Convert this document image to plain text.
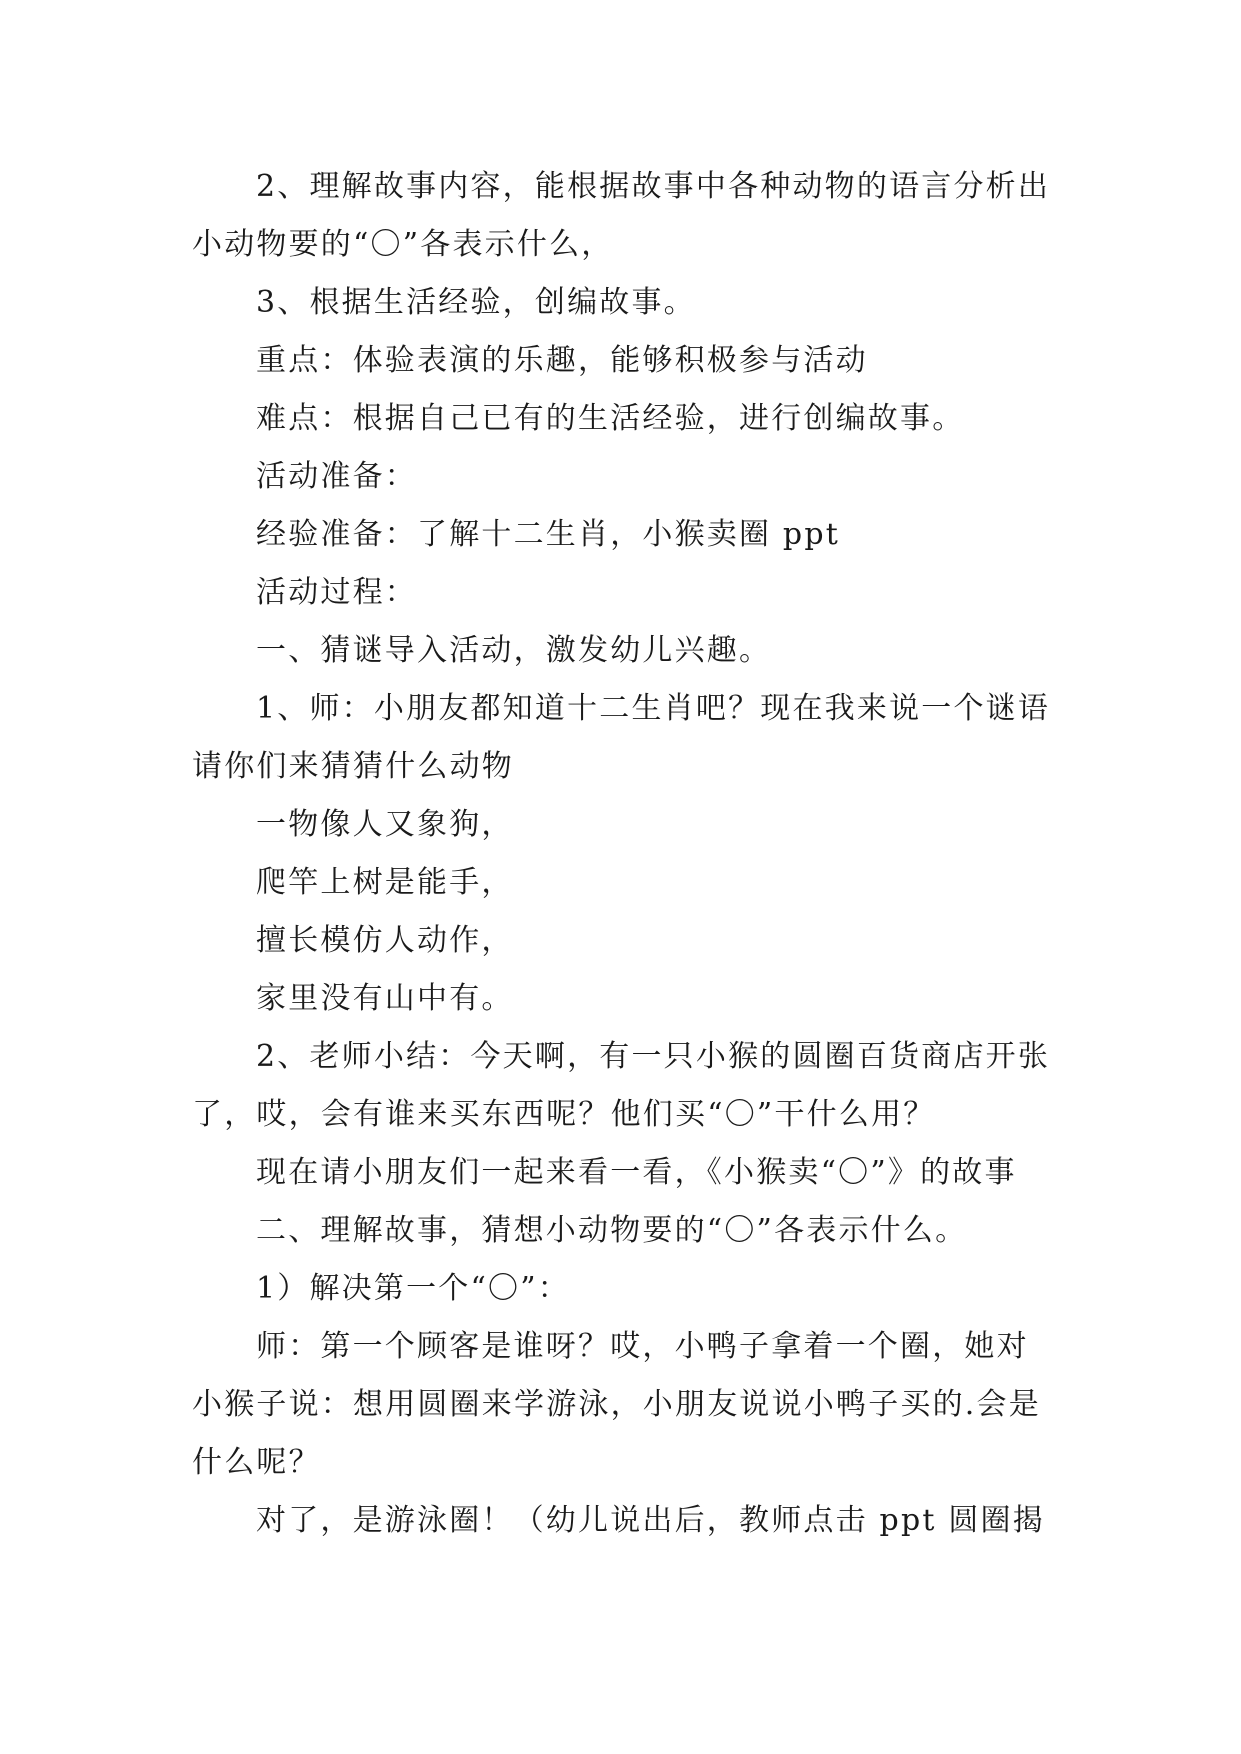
2、理解故事内容，能根据故事中各种动物的语言分析出小动物要的“〇”各表示什么，

3、根据生活经验，创编故事。

重点：体验表演的乐趣，能够积极参与活动

难点：根据自己已有的生活经验，进行创编故事。

活动准备：

经验准备：了解十二生肖，小猴卖圈 ppt

活动过程：

一、猜谜导入活动，激发幼儿兴趣。

1、师：小朋友都知道十二生肖吧？现在我来说一个谜语请你们来猜猜什么动物

一物像人又象狗，

爬竿上树是能手，

擅长模仿人动作，

家里没有山中有。

2、老师小结：今天啊，有一只小猴的圆圈百货商店开张了，哎，会有谁来买东西呢？他们买“〇”干什么用？

现在请小朋友们一起来看一看，《小猴卖“〇”》的故事

二、理解故事，猜想小动物要的“〇”各表示什么。

1）解决第一个“〇”：

师：第一个顾客是谁呀？哎，小鸭子拿着一个圈，她对小猴子说：想用圆圈来学游泳，小朋友说说小鸭子买的.会是什么呢？

对了，是游泳圈！（幼儿说出后，教师点击 ppt 圆圈揭
